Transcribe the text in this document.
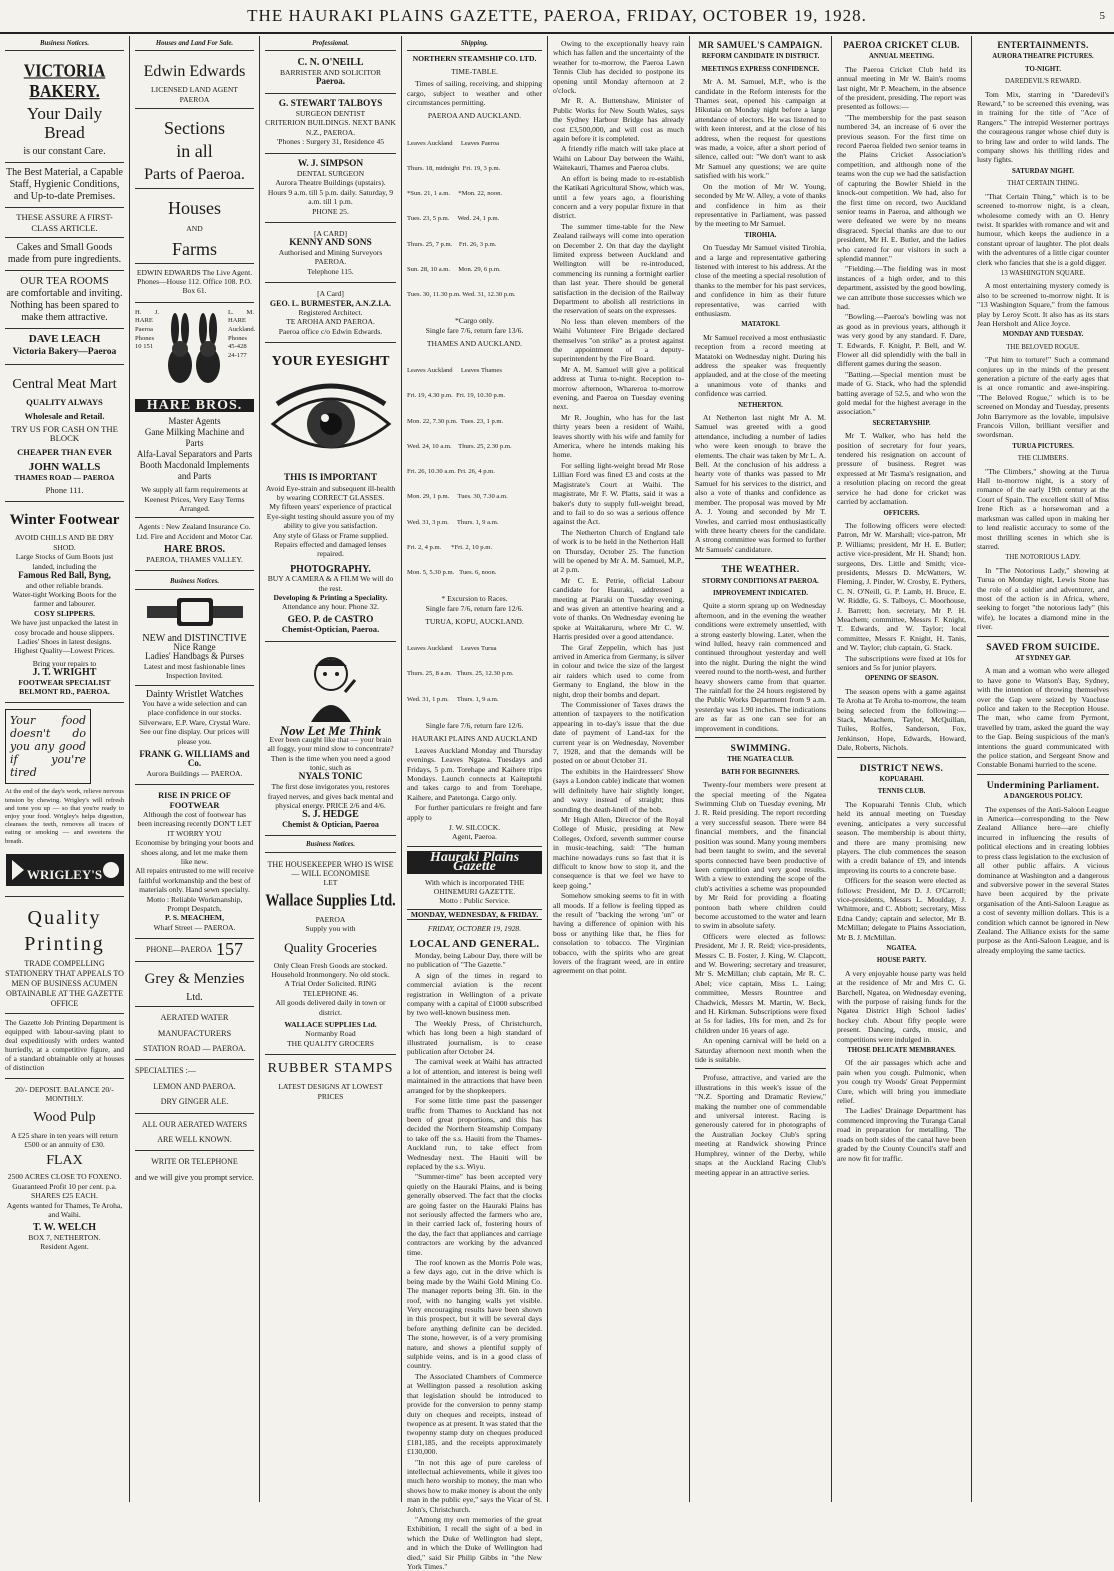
THE HAURAKI PLAINS GAZETTE, PAEROA, FRIDAY, OCTOBER 19, 1928.	5
Business Notices.
VICTORIA BAKERY.
Your Daily Bread
is our constant Care.
The Best Material, a Capable Staff, Hygienic Conditions, and Up-to-date Premises.
THESE ASSURE A FIRST-CLASS ARTICLE.
Cakes and Small Goods made from pure ingredients.
OUR TEA ROOMS
are comfortable and inviting. Nothing has been spared to make them attractive.
DAVE LEACH
Victoria Bakery—Paeroa
Central Meat Mart
QUALITY ALWAYS
Wholesale and Retail.
TRY US FOR CASH ON THE BLOCK
CHEAPER THAN EVER
JOHN WALLS
THAMES ROAD — PAEROA
Phone 111.
Winter Footwear
AVOID CHILLS AND BE DRY SHOD.
Large Stocks of Gum Boots just landed, including the
Famous Red Ball, Byng,
and other reliable brands.
Water-tight Working Boots for the farmer and labourer.
COSY SLIPPERS.
We have just unpacked the latest in cosy brocade and house slippers. Ladies' Shoes in latest designs. Highest Quality—Lowest Prices.
Bring your repairs to
J. T. WRIGHT
FOOTWEAR SPECIALIST BELMONT RD., PAEROA.
Your food doesn't do you any good if you're tired
At the end of the day's work, relieve nervous tension by chewing. Wrigley's will refresh and tone you up — so that you're ready to enjoy your food. Wrigley's helps digestion, cleanses the teeth, removes all traces of eating or smoking — and sweetens the breath.
WRIGLEY'S
Quality
Printing
TRADE COMPELLING STATIONERY THAT APPEALS TO MEN OF BUSINESS ACUMEN OBTAINABLE AT THE GAZETTE OFFICE
The Gazette Job Printing Department is equipped with labour-saving plant to deal expeditiously with orders wanted hurriedly, at a competitive figure, and of a standard obtainable only at houses of distinction
20/- DEPOSIT. BALANCE 20/- MONTHLY.
Wood Pulp
A £25 share in ten years will return £500 or an annuity of £30.
FLAX
2500 ACRES CLOSE TO FOXENO.
Guaranteed Profit 10 per cent. p.a.
SHARES £25 EACH.
Agents wanted for Thames, Te Aroha, and Waihi.
T. W. WELCH
BOX 7, NETHERTON.
Resident Agent.
Houses and Land For Sale.
Edwin Edwards
LICENSED LAND AGENT
PAEROA
Sections
in all
Parts of Paeroa.
Houses
AND
Farms
EDWIN EDWARDS The Live Agent.
Phones—House 112. Office 108. P.O. Box 61.
H. J. HARE Paeroa Phones 10 151
L. M. HARE Auckland. Phones 45-428 24-177
HARE BROS.
Master Agents
Gane Milking Machine and Parts
Alfa-Laval Separators and Parts
Booth Macdonald Implements and Parts
We supply all farm requirements at Keenest Prices, Very Easy Terms Arranged.
Agents : New Zealand Insurance Co. Ltd. Fire and Accident and Motor Car.
HARE BROS.
PAEROA, THAMES VALLEY.
Business Notices.
NEW and DISTINCTIVE
Nice Range
Ladies' Handbags & Purses
Latest and most fashionable lines Inspection Invited.
Dainty Wristlet Watches
You have a wide selection and can place confidence in our stocks.
Silverware, E.P. Ware, Crystal Ware.
See our fine display. Our prices will please you.
FRANK G. WILLIAMS and Co.
Aurora Buildings — PAEROA.
RISE IN PRICE OF FOOTWEAR
Although the cost of footwear has been increasing recently DON'T LET IT WORRY YOU
Economise by bringing your boots and shoes along, and let me make them like new.
All repairs entrusted to me will receive faithful workmanship and the best of materials only. Hand sewn specialty.
Motto : Reliable Workmanship, Prompt Despatch,
P. S. MEACHEM,
Wharf Street — PAEROA.
PHONE—PAEROA 157
Grey & Menzies
Ltd.
AERATED WATER
MANUFACTURERS
STATION ROAD — PAEROA.
SPECIALTIES :—
LEMON AND PAEROA.
DRY GINGER ALE.
ALL OUR AERATED WATERS
ARE WELL KNOWN.
WRITE OR TELEPHONE
and we will give you prompt service.
Professional.
C. N. O'NEILL
BARRISTER AND SOLICITOR
Paeroa.
G. STEWART TALBOYS
SURGEON DENTIST
CRITERION BUILDINGS. NEXT BANK N.Z., PAEROA.
'Phones : Surgery 31, Residence 45
W. J. SIMPSON
DENTAL SURGEON
Aurora Theatre Buildings (upstairs).
Hours 9 a.m. till 5 p.m. daily. Saturday, 9 a.m. till 1 p.m.
PHONE 25.
[A CARD]
KENNY AND SONS
Authorised and Mining Surveyors PAEROA.
Telephone 115.
[A Card]
GEO. L. BURMESTER, A.N.Z.I.A.
Registered Architect.
TE AROHA AND PAEROA.
Paeroa office c/o Edwin Edwards.
YOUR EYESIGHT
THIS IS IMPORTANT
Avoid Eye-strain and subsequent ill-health by wearing CORRECT GLASSES.
My fifteen years' experience of practical Eye-sight testing should assure you of my ability to give you satisfaction.
Any style of Glass or Frame supplied.
Repairs effected and damaged lenses repaired.
PHOTOGRAPHY.
BUY A CAMERA & A FILM We will do the rest.
Developing & Printing a Speciality.
Attendance any hour. Phone 32.
GEO. P. de CASTRO
Chemist-Optician, Paeroa.
Now Let Me Think
Ever been caught like that — your brain all foggy, your mind slow to concentrate? Then is the time when you need a good tonic, such as
NYALS TONIC
The first dose invigorates you, restores frayed nerves, and gives back mental and physical energy. PRICE 2/6 and 4/6.
S. J. HEDGE
Chemist & Optician, Paeroa
Business Notices.
THE HOUSEKEEPER WHO IS WISE— WILL ECONOMISE
LET
Wallace Supplies Ltd.
PAEROA
Supply you with
Quality Groceries
Only Clean Fresh Goods are stocked.
Household Ironmongery. No old stock.
A Trial Order Solicited. RING TELEPHONE 46.
All goods delivered daily in town or district.
WALLACE SUPPLIES Ltd.
Normanby Road
THE QUALITY GROCERS
RUBBER STAMPS
LATEST DESIGNS AT LOWEST
PRICES
Shipping.
NORTHERN STEAMSHIP CO. LTD.
TIME-TABLE.

Times of sailing, receiving, and shipping cargo, subject to weather and other circumstances permitting.

PAEROA AND AUCKLAND.

Leaves Auckland     Leaves Paeroa

Thurs. 18, midnight  Fri. 19, 3 p.m.

*Sun. 21, 1 a.m.     *Mon. 22, noon.

Tues. 23, 5 p.m.     Wed. 24, 1 p.m.

Thurs. 25, 7 p.m.    Fri. 26, 3 p.m.

Sun. 28, 10 a.m.     Mon. 29, 6 p.m.

Tues. 30, 11.30 p.m. Wed. 31, 12.30 p.m.

*Cargo only.
Single fare 7/6, return fare 13/6.
THAMES AND AUCKLAND.

Leaves Auckland     Leaves Thames

Fri. 19, 4.30 p.m.  Fri. 19, 10.30 p.m.

Mon. 22, 7.30 p.m.  Tues. 23, 1 p.m.

Wed. 24, 10 a.m.    Thurs. 25, 2.30 p.m.

Fri. 26, 10.30 a.m. Fri. 26, 4 p.m.

Mon. 29, 1 p.m.     Tues. 30, 7.30 a.m.

Wed. 31, 3 p.m.     Thurs. 1, 9 a.m.

Fri. 2, 4 p.m.      *Fri. 2, 10 p.m.

Mon. 5, 5.30 p.m.   Tues. 6, noon.

* Excursion to Races.
Single fare 7/6, return fare 12/6.
TURUA, KOPU, AUCKLAND.

Leaves Auckland     Leaves Turua

Thurs. 25, 8 a.m.   Thurs. 25, 12.30 p.m.

Wed. 31, 1 p.m.     Thurs. 1, 9 a.m.

Single fare 7/6, return fare 12/6.
HAURAKI PLAINS AND AUCKLAND

Leaves Auckland Monday and Thursday evenings. Leaves Ngatea. Tuesdays and Fridays, 5 p.m. Torehape and Kaihere trips Mondays. Launch connects at Kaiteptehi and takes cargo to and from Torehape, Kaihere, and Patetonga. Cargo only.

For further particulars re freight and fare apply to

J. W. SILCOCK.
Agent, Paeroa.
Hauraki Plains Gazette
With which is incorporated THE OHINEMURI GAZETTE.
Motto : Public Service.
MONDAY, WEDNESDAY, & FRIDAY.
FRIDAY, OCTOBER 19, 1928.
LOCAL AND GENERAL.

Monday, being Labour Day, there will be no publication of "The Gazette."

A sign of the times in regard to commercial aviation is the recent registration in Wellington of a private company with a capital of £1000 subscribed by two well-known business men.

The Weekly Press, of Christchurch, which has long been a high standard of illustrated journalism, is to cease publication after October 24.

The carnival week at Waihi has attracted a lot of attention, and interest is being well maintained in the attractions that have been arranged for by the shopkeepers.

For some little time past the passenger traffic from Thames to Auckland has not been of great proportions, and this has decided the Northern Steamship Company to take off the s.s. Hauiti from the Thames-Auckland run, to take effect from Wednesday next. The Hauiti will be replaced by the s.s. Wiyu.

"Summer-time" has been accepted very quietly on the Hauraki Plains, and is being generally observed. The fact that the clocks are going faster on the Hauraki Plains has not seriously affected the farmers who are, in their carried lack of, fostering hours of the day, the fact that appliances and carriage contractors are working by the advanced time.

The roof known as the Morris Pole was, a few days ago, cut in the drive which is being made by the Waihi Gold Mining Co. The manager reports being 3ft. 6in. in the roof, with no hanging walls yet visible. Very encouraging results have been shown in this prospect, but it will be several days before anything definite can be decided. The stone, however, is of a very promising nature, and shows a plentiful supply of sulphide veins, and is in a good class of country.

The Associated Chambers of Commerce at Wellington passed a resolution asking that legislation should be introduced to provide for the conversion to penny stamp duty on cheques and receipts, instead of twopence as at present. It was stated that the twopenny stamp duty on cheques produced £181,185, and the receipts approximately £130,000.

"In not this age of pure careless of intellectual achievements, while it gives too much hero worship to money, the man who shows how to make money is about the only man in the public eye," says the Vicar of St. John's, Christchurch.

"Among my own memories of the great Exhibition, I recall the sight of a bed in which the Duke of Wellington had slept, and in which the Duke of Wellington had died," said Sir Philip Gibbs in "the New York Times."

Owing to the exceptionally heavy rain which has fallen and the uncertainty of the weather for to-morrow, the Paeroa Lawn Tennis Club has decided to postpone its opening until Monday afternoon at 2 o'clock.

Mr R. A. Buttenshaw, Minister of Public Works for New South Wales, says the Sydney Harbour Bridge has already cost £3,500,000, and will cost as much again before it is completed.

A friendly rifle match will take place at Waihi on Labour Day between the Waihi, Waitekauri, Thames and Paeroa clubs.

An effort is being made to re-establish the Katikati Agricultural Show, which was, until a few years ago, a flourishing concern and a very popular fixture in that district.

The summer time-table for the New Zealand railways will come into operation on December 2. On that day the daylight limited express between Auckland and Wellington will be re-introduced, commencing its running a fortnight earlier than last year. There should be general satisfaction in the decision of the Railway Department to abolish all restrictions in the reservation of seats on the expresses.

No less than eleven members of the Waihi Volunteer Fire Brigade declared themselves "on strike" as a protest against the appointment of a deputy-superintendent by the Fire Board.

Mr A. M. Samuel will give a political address at Turua to-night. Reception to-morrow afternoon, Whareroa to-morrow evening, and Paeroa on Tuesday evening next.

Mr R. Joughin, who has for the last thirty years been a resident of Waihi, leaves shortly with his wife and family for America, where he intends making his home.

For selling light-weight bread Mr Rose Lillian Ford was fined £3 and costs at the Magistrate's Court at Waihi. The magistrate, Mr F. W. Platts, said it was a baker's duty to supply full-weight bread, and to fail to do so was a serious offence against the Act.

The Netherton Church of England tale of work is to be held in the Netherton Hall on Thursday, October 25. The function will be opened by Mr A. M. Samuel, M.P., at 2 p.m.

Mr C. E. Petrie, official Labour candidate for Hauraki, addressed a meeting at Piaraki on Tuesday evening, and was given an attentive hearing and a vote of thanks. On Wednesday evening he spoke at Waitakaruru, where Mr C. W. Harris presided over a good attendance.

The Graf Zeppelin, which has just arrived in America from Germany, is silver in colour and twice the size of the largest air raiders which used to come from Germany to England, the blow in the night, drop their bombs and depart.

The Commissioner of Taxes draws the attention of taxpayers to the notification appearing in to-day's issue that the due date of payment of Land-tax for the current year is on Wednesday, November 7, 1928, and that the demands will be posted on or about October 31.

The exhibits in the Hairdressers' Show (says a London cable) indicate that women will definitely have hair slightly longer, and wavy instead of straight; thus sounding the death-knell of the bob.

Mr Hugh Allen, Director of the Royal College of Music, presiding at New Colleges, Oxford, seventh summer course in music-teaching, said: "The human machine nowadays runs so fast that it is difficult to know how to stop it, and the consequence is that we feel we have to keep going."

Somehow smoking seems to fit in with all moods. If a fellow is feeling tipped as the result of "backing the wrong 'un" or having a difference of opinion with his boss or anything like that, he flies for consolation to tobacco. The Virginian tobacco, with the spirits who are great lovers of the fragrant weed, are in entire agreement on that point.

MR SAMUEL'S CAMPAIGN.
REFORM CANDIDATE IN DISTRICT.
MEETINGS EXPRESS CONFIDENCE.

Mr A. M. Samuel, M.P., who is the candidate in the Reform interests for the Thames seat, opened his campaign at Hikutaia on Monday night before a large attendance of electors. He was listened to with keen interest, and at the close of his address, when the request for questions was made, a voice, after a short period of silence, called out: "We don't want to ask Mr Samuel any questions; we are quite satisfied with his work."

On the motion of Mr W. Young, seconded by Mr W. Alley, a vote of thanks and confidence in him as their representative in Parliament, was passed by the meeting to Mr Samuel.

TIROHIA.

On Tuesday Mr Samuel visited Tirohia, and a large and representative gathering listened with interest to his address. At the close of the meeting a special resolution of thanks to the member for his past services, and confidence in him as their future representative, was carried with enthusiasm.

MATATOKI.

Mr Samuel received a most enthusiastic reception from a record meeting at Matatoki on Wednesday night. During his address the speaker was frequently applauded, and at the close of the meeting a unanimous vote of thanks and confidence was carried.

NETHERTON.

At Netherton last night Mr A. M. Samuel was greeted with a good attendance, including a number of ladies who were keen enough to brave the elements. The chair was taken by Mr L. A. Bell. At the conclusion of his address a hearty vote of thanks was passed to Mr Samuel for his services to the district, and also a vote of thanks and confidence as member. The proposal was moved by Mr A. J. Young and seconded by Mr T. Vowles, and carried most enthusiastically with three hearty cheers for the candidate. A strong committee was formed to further Mr Samuels' candidature.

THE WEATHER.
STORMY CONDITIONS AT PAEROA.
IMPROVEMENT INDICATED.

Quite a storm sprang up on Wednesday afternoon, and in the evening the weather conditions were extremely unsettled, with a strong easterly blowing. Later, when the wind lulled, heavy rain commenced and continued throughout yesterday and well into the night. During the night the wind veered round to the north-west, and further heavy showers came from that quarter. The rainfall for the 24 hours registered by the Public Works Department from 9 a.m. yesterday was 1.90 inches. The indications are as far as one can see for an improvement in conditions.

SWIMMING.
THE NGATEA CLUB.
BATH FOR BEGINNERS.

Twenty-four members were present at the special meeting of the Ngatea Swimming Club on Tuesday evening, Mr J. R. Reid presiding. The report recording a very successful season. There were 84 financial members, and the financial position was sound. Many young members had been taught to swim, and the several sports connected have been productive of keen competition and very good results. With a view to extending the scope of the club's activities a scheme was propounded by Mr Reid for providing a floating pontoon bath where children could become accustomed to the water and learn to swim in absolute safety.

Officers were elected as follows: President, Mr J. R. Reid; vice-presidents, Messrs C. B. Foster, J. King, W. Clapcott, and W. Bowering; secretary and treasurer, Mr S. McMillan; club captain, Mr R. C. Abel; vice captain, Miss L. Laing; committee, Messrs Rountree and Chadwick, Messrs M. Martin, W. Beck, and H. Kirkman. Subscriptions were fixed at 5s for ladies, 10s for men, and 2s for children under 16 years of age.

An opening carnival will be held on a Saturday afternoon next month when the tide is suitable.

Profuse, attractive, and varied are the illustrations in this week's issue of the "N.Z. Sporting and Dramatic Review," making the number one of commendable and universal interest. Racing is generously catered for in photographs of the Australian Jockey Club's spring meeting at Randwick showing Prince Humphrey, winner of the Derby, while snaps at the Auckland Racing Club's meeting appear in an attractive series.

PAEROA CRICKET CLUB.
ANNUAL MEETING.

The Paeroa Cricket Club held its annual meeting in Mr W. Bain's rooms last night, Mr P. Meachem, in the absence of the president, presiding. The report was presented as follows:—

"The membership for the past season numbered 34, an increase of 6 over the previous season. For the first time on record Paeroa fielded two senior teams in the Plains Cricket Association's competition, and although none of the teams won the cup we had the satisfaction of capturing the Bowler Shield in the knock-out competition. We had, also for the first time on record, two Auckland senior teams in Paeroa, and although we were defeated we were by no means disgraced. Special thanks are due to our president, Mr H. E. Butler, and the ladies who catered for our visitors in such a splendid manner."

"Fielding.—The fielding was in most instances of a high order, and to this department, assisted by the good bowling, we can attribute those successes which we had.

"Bowling.—Paeroa's bowling was not as good as in previous years, although it was very good by any standard. F. Dare, T. Edwards, F. Knight, P. Bell, and W. Flower all did splendidly with the ball in different games during the season.

"Batting.—Special mention must be made of G. Stack, who had the splendid batting average of 52.5, and who won the gold medal for the highest average in the association."

SECRETARYSHIP.

Mr T. Walker, who has held the position of secretary for four years, tendered his resignation on account of pressure of business. Regret was expressed at Mr Tasma's resignation, and a resolution placing on record the great service he had done for cricket was carried by acclamation.

OFFICERS.

The following officers were elected: Patron, Mr W. Marshall; vice-patron, Mr P. Williams; president, Mr H. E. Butler; active vice-president, Mr H. Shand; hon. surgeons, Drs. Little and Smith; vice-presidents, Messrs D. McWatters, W. Fleming, J. Pinder, W. Crosby, E. Pythers, C. N. O'Neill, G. P. Lamb, H. Bruce, E. W. Riddle, G. S. Talboys, C. Moorhouse, J. Barrett; hon. secretary, Mr P. H. Meachem; committee, Messrs F. Knight, T. Edwards, and W. Taylor; local committee, Messrs F. Knight, H. Tanis, and W. Taylor; club captain, G. Stack.

The subscriptions were fixed at 10s for seniors and 5s for junior players.

OPENING OF SEASON.

The season opens with a game against Te Aroha at Te Aroha to-morrow, the team being selected from the following:—Stack, Meachem, Taylor, McQuillan, Tuiles, Rolfes, Sanderson, Fox, Jenkinson, Hope, Edwards, Howard, Dale, Roberts, Nichols.

DISTRICT NEWS.
KOPUARAHI.
TENNIS CLUB.

The Kopuarahi Tennis Club, which held its annual meeting on Tuesday evening, anticipates a very successful season. The membership is about thirty, and there are many promising new players. The club commences the season with a credit balance of £9, and intends improving its courts to a concrete base.

Officers for the season were elected as follows: President, Mr D. J. O'Carroll; vice-presidents, Messrs L. Moulday, J. Whitmore, and C. Abbott; secretary, Miss Edna Candy; captain and selector, Mr B. McMillan; delegate to Plains Association, Mr B. J. McMillan.

NGATEA.
HOUSE PARTY.

A very enjoyable house party was held at the residence of Mr and Mrs C. G. Barchell, Ngatea, on Wednesday evening, with the purpose of raising funds for the Ngatea District High School ladies' hockey club. About fifty people were present. Dancing, cards, music, and competitions were indulged in.

THOSE DELICATE MEMBRANES.

Of the air passages which ache and pain when you cough. Pulmonic, when you cough try Woods' Great Peppermint Cure, which will bring you immediate relief.

The Ladies' Drainage Department has commenced improving the Turanga Canal road in preparation for metalling. The roads on both sides of the canal have been graded by the County Council's staff and are now fit for traffic.

ENTERTAINMENTS.
AURORA THEATRE PICTURES.
TO-NIGHT.
DAREDEVIL'S REWARD.

Tom Mix, starring in "Daredevil's Reward," to be screened this evening, was in training for the title of "Ace of Rangers." The intrepid Westerner portrays the courageous ranger whose chief duty is to bring law and order to wild lands. The company shows his thrilling rides and lusty fights.

SATURDAY NIGHT.
THAT CERTAIN THING.

"That Certain Thing," which is to be screened to-morrow night, is a clean, wholesome comedy with an O. Henry twist. It sparkles with romance and wit and humour, which keeps the audience in a constant uproar of laughter. The plot deals with the adventures of a little cigar counter clerk who fancies that she is a gold digger.

13 WASHINGTON SQUARE.

A most entertaining mystery comedy is also to be screened to-morrow night. It is "13 Washington Square," from the famous play by Leroy Scott. It also has as its stars Jean Hersholt and Alice Joyce.

MONDAY AND TUESDAY.
THE BELOVED ROGUE.

"Put him to torture!" Such a command conjures up in the minds of the present generation a picture of the early ages that is at once romantic and awe-inspiring. "The Beloved Rogue," which is to be screened on Monday and Tuesday, presents John Barrymore as the lovable, impulsive Francois Villon, brilliant versifier and swordsman.

TURUA PICTURES.
THE CLIMBERS.

"The Climbers," showing at the Turua Hall to-morrow night, is a story of romance of the early 19th century at the Court of Spain. The excellent skill of Miss Irene Rich as a horsewoman and a marksman was called upon in making her to lend realistic accuracy to some of the most thrilling scenes in which she is starred.

THE NOTORIOUS LADY.

In "The Notorious Lady," showing at Turua on Monday night, Lewis Stone has the role of a soldier and adventurer, and most of the action is in Africa, where, seeking to forget "the notorious lady" (his wife), he locates a diamond mine in the river.

SAVED FROM SUICIDE.
AT SYDNEY GAP.

A man and a woman who were alleged to have gone to Watson's Bay, Sydney, with the intention of throwing themselves over the Gap were seized by Vaucluse police and taken to the Reception House. The man, who came from Pyrmont, travelled by tram, asked the guard the way to the Gap. Being suspicious of the man's intentions the guard communicated with the police station, and Sergeant Snow and Constable Bonami hurried to the scene.

Undermining Parliament.
A DANGEROUS POLICY.

The expenses of the Anti-Saloon League in America—corresponding to the New Zealand Alliance here—are chiefly incurred in influencing the results of political elections and in creating lobbies to press class legislation to the exclusion of all other public affairs. A vicious dominance at Washington and a dangerous and subversive power in the several States have been acquired by the private organisation of the Anti-Saloon League as a cost of seventy million dollars. This is a condition which cannot be ignored in New Zealand. The Alliance exists for the same purpose as the Anti-Saloon League, and is already employing the same tactics.
